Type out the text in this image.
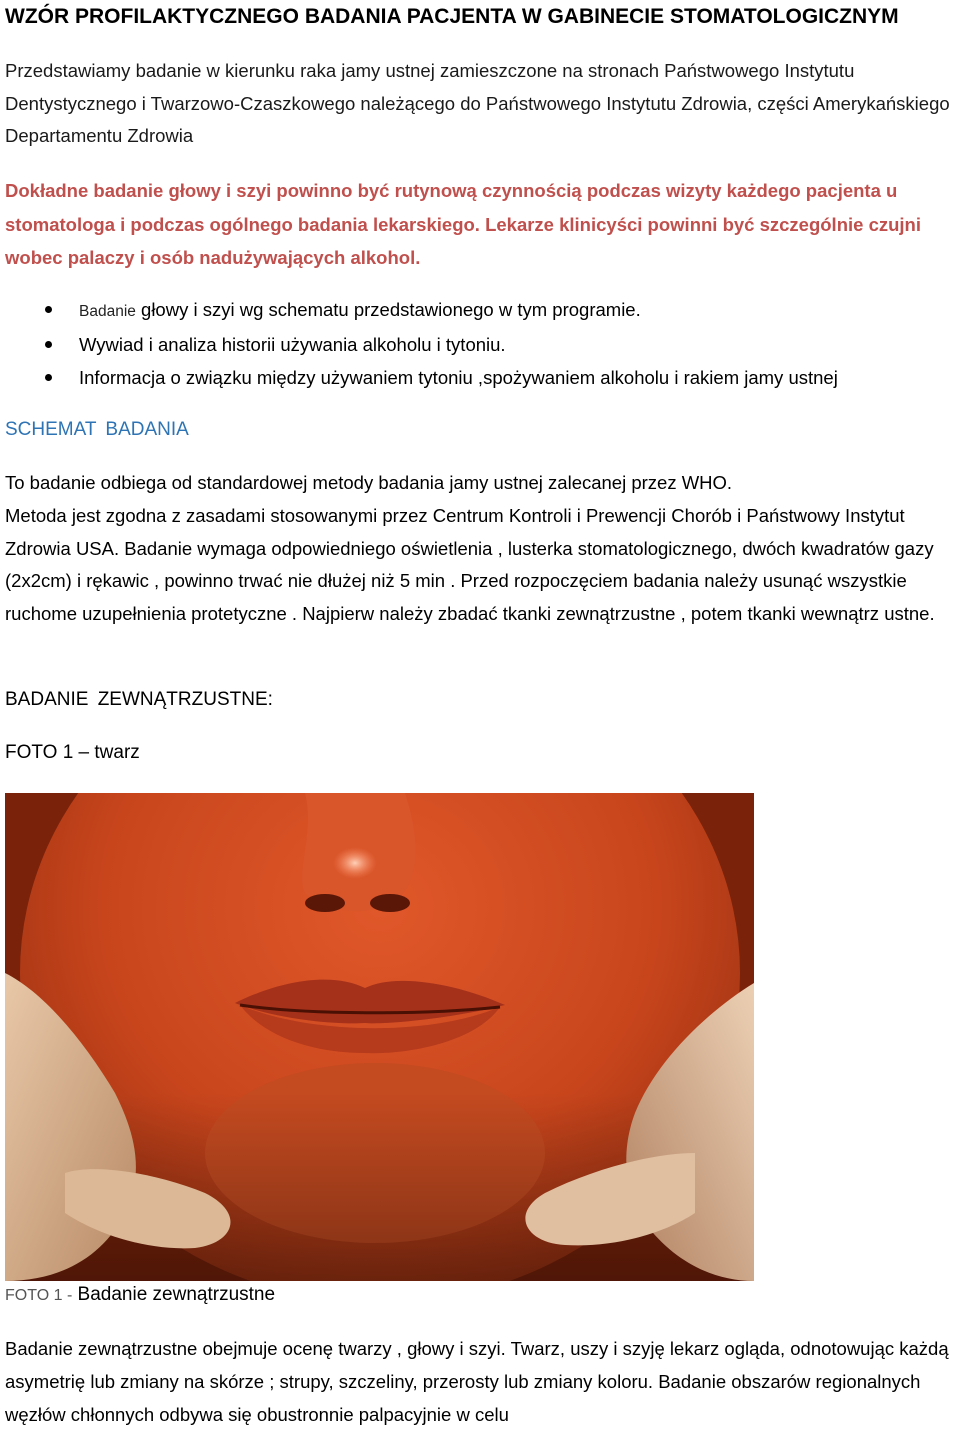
WZÓR PROFILAKTYCZNEGO BADANIA PACJENTA W GABINECIE STOMATOLOGICZNYM
Przedstawiamy badanie w kierunku raka jamy ustnej zamieszczone na stronach Państwowego Instytutu Dentystycznego i Twarzowo-Czaszkowego należącego do Państwowego Instytutu Zdrowia, części Amerykańskiego Departamentu Zdrowia
Dokładne badanie głowy i szyi powinno być rutynową czynnością podczas wizyty każdego pacjenta u stomatologa i podczas ogólnego badania lekarskiego. Lekarze klinicyści powinni być szczególnie czujni wobec palaczy i osób nadużywających alkohol.
Badanie głowy i szyi wg schematu przedstawionego w tym programie.
Wywiad i analiza historii używania alkoholu i tytoniu.
Informacja o związku między używaniem tytoniu ,spożywaniem alkoholu i rakiem jamy ustnej
SCHEMAT BADANIA

To badanie odbiega od standardowej metody badania jamy ustnej zalecanej przez WHO.

Metoda jest zgodna z zasadami stosowanymi przez Centrum Kontroli i Prewencji Chorób i Państwowy Instytut Zdrowia USA. Badanie wymaga odpowiedniego oświetlenia , lusterka stomatologicznego, dwóch kwadratów gazy (2x2cm) i rękawic , powinno trwać nie dłużej niż 5 min . Przed rozpoczęciem badania należy usunąć wszystkie ruchome uzupełnienia protetyczne . Najpierw należy zbadać tkanki zewnątrzustne , potem tkanki wewnątrz ustne.

BADANIE ZEWNĄTRZUSTNE:
FOTO 1 – twarz
FOTO 1 - Badanie zewnątrzustne
Badanie zewnątrzustne obejmuje ocenę twarzy , głowy i szyi. Twarz, uszy i szyję lekarz ogląda, odnotowując każdą asymetrię lub zmiany na skórze ; strupy, szczeliny, przerosty lub zmiany koloru. Badanie obszarów regionalnych węzłów chłonnych odbywa się obustronnie palpacyjnie w celu
